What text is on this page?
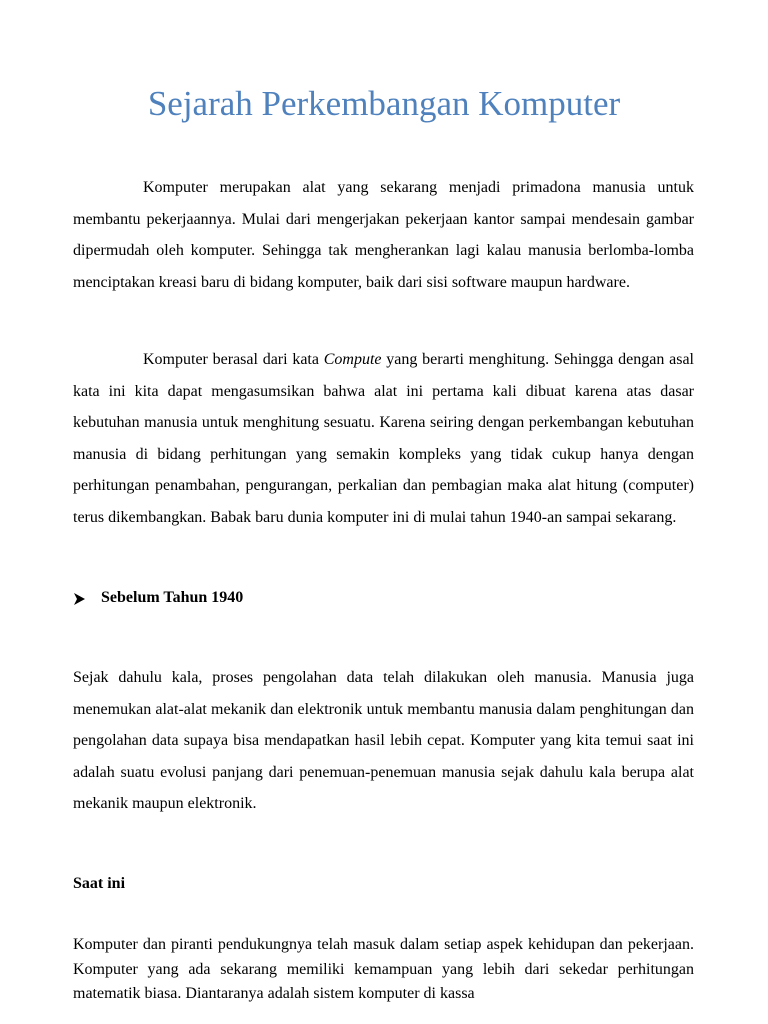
Sejarah Perkembangan Komputer

Komputer merupakan alat yang sekarang menjadi primadona manusia untuk membantu pekerjaannya. Mulai dari mengerjakan pekerjaan kantor sampai mendesain gambar dipermudah oleh komputer. Sehingga tak mengherankan lagi kalau manusia berlomba-lomba menciptakan kreasi baru di bidang komputer, baik dari sisi software maupun hardware.

Komputer berasal dari kata Compute yang berarti menghitung. Sehingga dengan asal kata ini kita dapat mengasumsikan bahwa alat ini pertama kali dibuat karena atas dasar kebutuhan manusia untuk menghitung sesuatu. Karena seiring dengan perkembangan kebutuhan manusia di bidang perhitungan yang semakin kompleks yang tidak cukup hanya dengan perhitungan penambahan, pengurangan, perkalian dan pembagian maka alat hitung (computer) terus dikembangkan. Babak baru dunia komputer ini di mulai tahun 1940-an sampai sekarang.

Sebelum Tahun 1940

Sejak dahulu kala, proses pengolahan data telah dilakukan oleh manusia. Manusia juga menemukan alat-alat mekanik dan elektronik untuk membantu manusia dalam penghitungan dan pengolahan data supaya bisa mendapatkan hasil lebih cepat. Komputer yang kita temui saat ini adalah suatu evolusi panjang dari penemuan-penemuan manusia sejak dahulu kala berupa alat mekanik maupun elektronik.

Saat ini

Komputer dan piranti pendukungnya telah masuk dalam setiap aspek kehidupan dan pekerjaan. Komputer yang ada sekarang memiliki kemampuan yang lebih dari sekedar perhitungan matematik biasa. Diantaranya adalah sistem komputer di kassa
